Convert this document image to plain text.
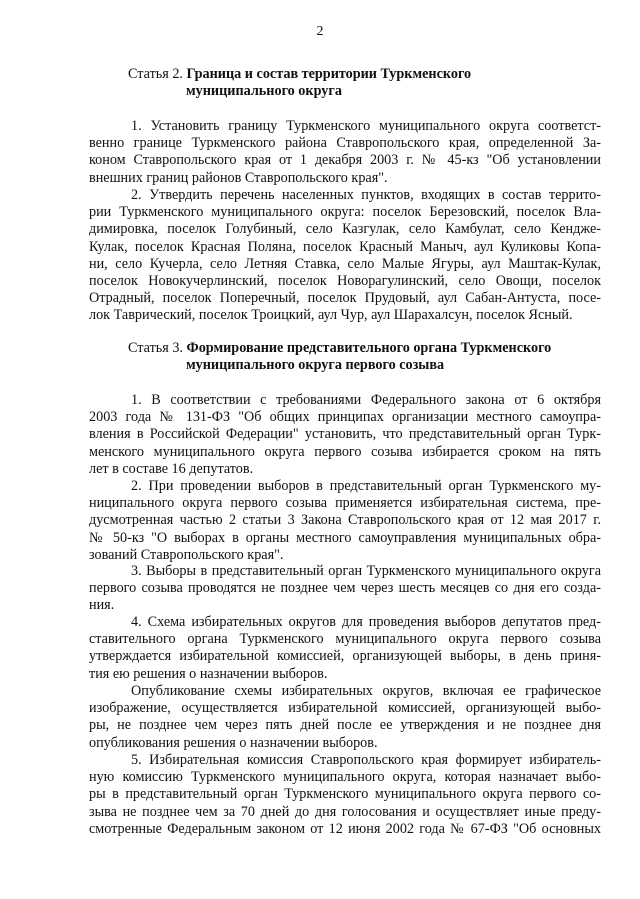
2
Статья 2. Граница и состав территории Туркменского
муниципального округа
1. Установить границу Туркменского муниципального округа соответст-
венно границе Туркменского района Ставропольского края, определенной За-
коном Ставропольского края от 1 декабря 2003 г. № 45-кз "Об установлении
внешних границ районов Ставропольского края".
2. Утвердить перечень населенных пунктов, входящих в состав террито-
рии Туркменского муниципального округа: поселок Березовский, поселок Вла-
димировка, поселок Голубиный, село Казгулак, село Камбулат, село Кендже-
Кулак, поселок Красная Поляна, поселок Красный Маныч, аул Куликовы Копа-
ни, село Кучерла, село Летняя Ставка, село Малые Ягуры, аул Маштак-Кулак,
поселок Новокучерлинский, поселок Новорагулинский, село Овощи, поселок
Отрадный, поселок Поперечный, поселок Прудовый, аул Сабан-Антуста, посе-
лок Таврический, поселок Троицкий, аул Чур, аул Шарахалсун, поселок Ясный.
Статья 3. Формирование представительного органа Туркменского
муниципального округа первого созыва
1. В соответствии с требованиями Федерального закона от 6 октября
2003 года № 131-ФЗ "Об общих принципах организации местного самоупра-
вления в Российской Федерации" установить, что представительный орган Турк-
менского муниципального округа первого созыва избирается сроком на пять
лет в составе 16 депутатов.
2. При проведении выборов в представительный орган Туркменского му-
ниципального округа первого созыва применяется избирательная система, пре-
дусмотренная частью 2 статьи 3 Закона Ставропольского края от 12 мая 2017 г.
№ 50-кз "О выборах в органы местного самоуправления муниципальных обра-
зований Ставропольского края".
3. Выборы в представительный орган Туркменского муниципального округа
первого созыва проводятся не позднее чем через шесть месяцев со дня его созда-
ния.
4. Схема избирательных округов для проведения выборов депутатов пред-
ставительного органа Туркменского муниципального округа первого созыва
утверждается избирательной комиссией, организующей выборы, в день приня-
тия ею решения о назначении выборов.
Опубликование схемы избирательных округов, включая ее графическое
изображение, осуществляется избирательной комиссией, организующей выбо-
ры, не позднее чем через пять дней после ее утверждения и не позднее дня
опубликования решения о назначении выборов.
5. Избирательная комиссия Ставропольского края формирует избиратель-
ную комиссию Туркменского муниципального округа, которая назначает выбо-
ры в представительный орган Туркменского муниципального округа первого со-
зыва не позднее чем за 70 дней до дня голосования и осуществляет иные преду-
смотренные Федеральным законом от 12 июня 2002 года № 67-ФЗ "Об основных
